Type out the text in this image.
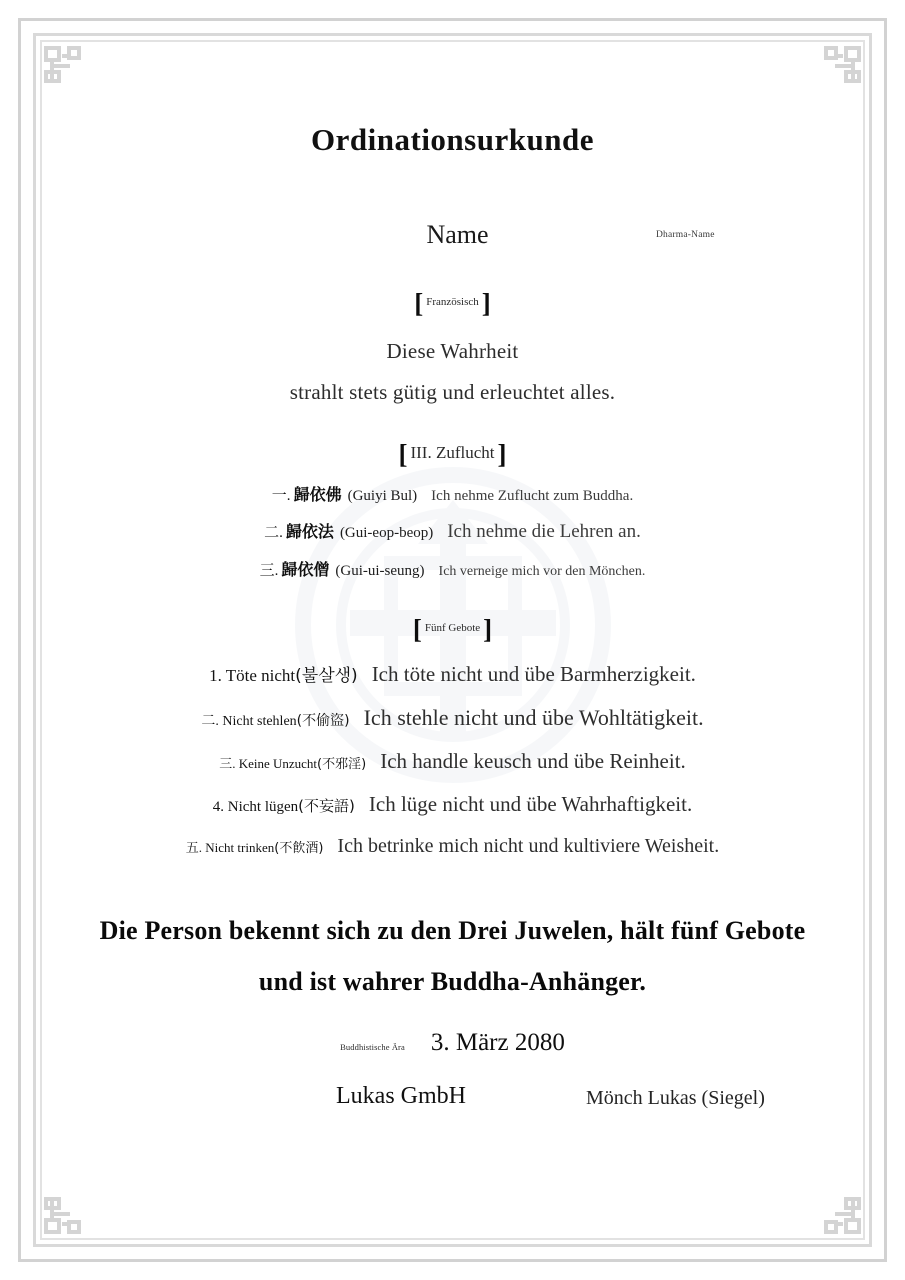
Ordinationsurkunde
Name	Dharma-Name
[ Französisch ]
Diese Wahrheit
strahlt stets gütig und erleuchtet alles.
[ III. Zuflucht ]
一. 歸依佛 (Guiyi Bul) Ich nehme Zuflucht zum Buddha.
二. 歸依法 (Gui-eop-beop) Ich nehme die Lehren an.
三. 歸依僧 (Gui-ui-seung) Ich verneige mich vor den Mönchen.
[ Fünf Gebote ]
1. Töte nicht (불살생) Ich töte nicht und übe Barmherzigkeit.
二. Nicht stehlen (不偷盜) Ich stehle nicht und übe Wohltätigkeit.
三. Keine Unzucht (不邪淫) Ich handle keusch und übe Reinheit.
4. Nicht lügen (不妄語) Ich lüge nicht und übe Wahrhaftigkeit.
五. Nicht trinken (不飮酒) Ich betrinke mich nicht und kultiviere Weisheit.
Die Person bekennt sich zu den Drei Juwelen, hält fünf Gebote
und ist wahrer Buddha-Anhänger.
Buddhistische Ära 3. März 2080
Lukas GmbH	Mönch Lukas (Siegel)
